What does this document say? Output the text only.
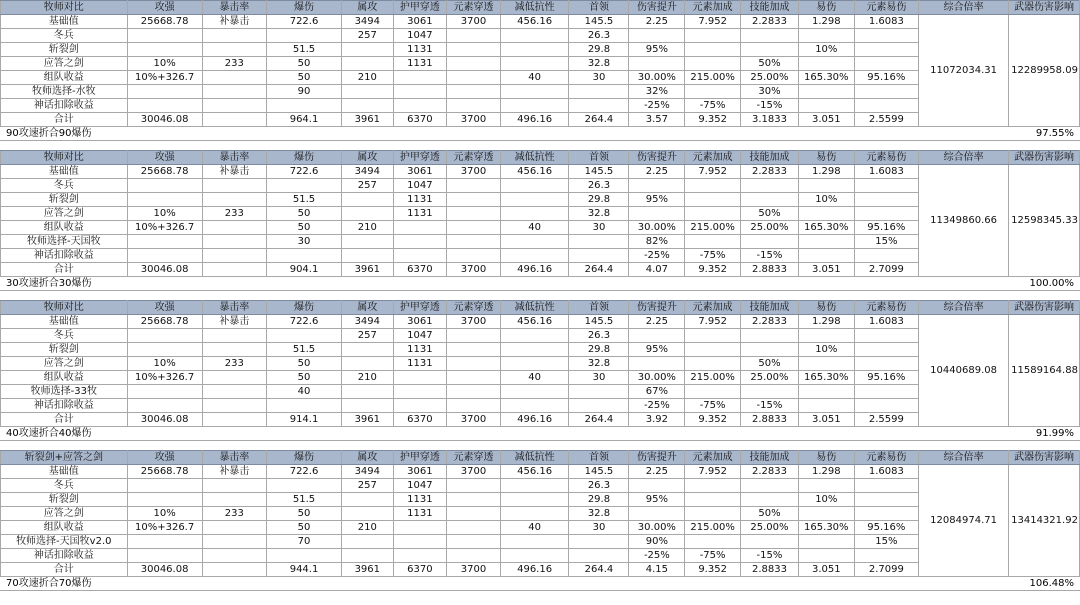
牧师对比	攻强	暴击率	爆伤	属攻	护甲穿透	元素穿透	减低抗性	首领	伤害提升	元素加成	技能加成	易伤	元素易伤	综合倍率	武器伤害影响
基础值	25668.78	补暴击	722.6	3494	3061	3700	456.16	145.5	2.25	7.952	2.2833	1.298	1.6083	11072034.31	12289958.09
冬兵				257	1047			26.3							
斩裂剑			51.5		1131			29.8	95%			10%			
应答之剑	10%	233	50		1131			32.8			50%				
组队收益	10%+326.7		50	210			40	30	30.00%	215.00%	25.00%	165.30%	95.16%		
牧师选择-水牧			90						32%		30%				
神话扣除收益									-25%	-75%	-15%				
合计	30046.08		964.1	3961	6370	3700	496.16	264.4	3.57	9.352	3.1833	3.051	2.5599		
90攻速折合90爆伤	97.55%
牧师对比	攻强	暴击率	爆伤	属攻	护甲穿透	元素穿透	减低抗性	首领	伤害提升	元素加成	技能加成	易伤	元素易伤	综合倍率	武器伤害影响
基础值	25668.78	补暴击	722.6	3494	3061	3700	456.16	145.5	2.25	7.952	2.2833	1.298	1.6083	11349860.66	12598345.33
冬兵				257	1047			26.3							
斩裂剑			51.5		1131			29.8	95%			10%			
应答之剑	10%	233	50		1131			32.8			50%				
组队收益	10%+326.7		50	210			40	30	30.00%	215.00%	25.00%	165.30%	95.16%		
牧师选择-天国牧			30						82%				15%		
神话扣除收益									-25%	-75%	-15%				
合计	30046.08		904.1	3961	6370	3700	496.16	264.4	4.07	9.352	2.8833	3.051	2.7099		
30攻速折合30爆伤	100.00%
牧师对比	攻强	暴击率	爆伤	属攻	护甲穿透	元素穿透	减低抗性	首领	伤害提升	元素加成	技能加成	易伤	元素易伤	综合倍率	武器伤害影响
基础值	25668.78	补暴击	722.6	3494	3061	3700	456.16	145.5	2.25	7.952	2.2833	1.298	1.6083	10440689.08	11589164.88
冬兵				257	1047			26.3							
斩裂剑			51.5		1131			29.8	95%			10%			
应答之剑	10%	233	50		1131			32.8			50%				
组队收益	10%+326.7		50	210			40	30	30.00%	215.00%	25.00%	165.30%	95.16%		
牧师选择-33牧			40						67%						
神话扣除收益									-25%	-75%	-15%				
合计	30046.08		914.1	3961	6370	3700	496.16	264.4	3.92	9.352	2.8833	3.051	2.5599		
40攻速折合40爆伤	91.99%
斩裂剑+应答之剑	攻强	暴击率	爆伤	属攻	护甲穿透	元素穿透	减低抗性	首领	伤害提升	元素加成	技能加成	易伤	元素易伤	综合倍率	武器伤害影响
基础值	25668.78	补暴击	722.6	3494	3061	3700	456.16	145.5	2.25	7.952	2.2833	1.298	1.6083	12084974.71	13414321.92
冬兵				257	1047			26.3							
斩裂剑			51.5		1131			29.8	95%			10%			
应答之剑	10%	233	50		1131			32.8			50%				
组队收益	10%+326.7		50	210			40	30	30.00%	215.00%	25.00%	165.30%	95.16%		
牧师选择-天国牧v2.0			70						90%				15%		
神话扣除收益									-25%	-75%	-15%				
合计	30046.08		944.1	3961	6370	3700	496.16	264.4	4.15	9.352	2.8833	3.051	2.7099		
70攻速折合70爆伤	106.48%
